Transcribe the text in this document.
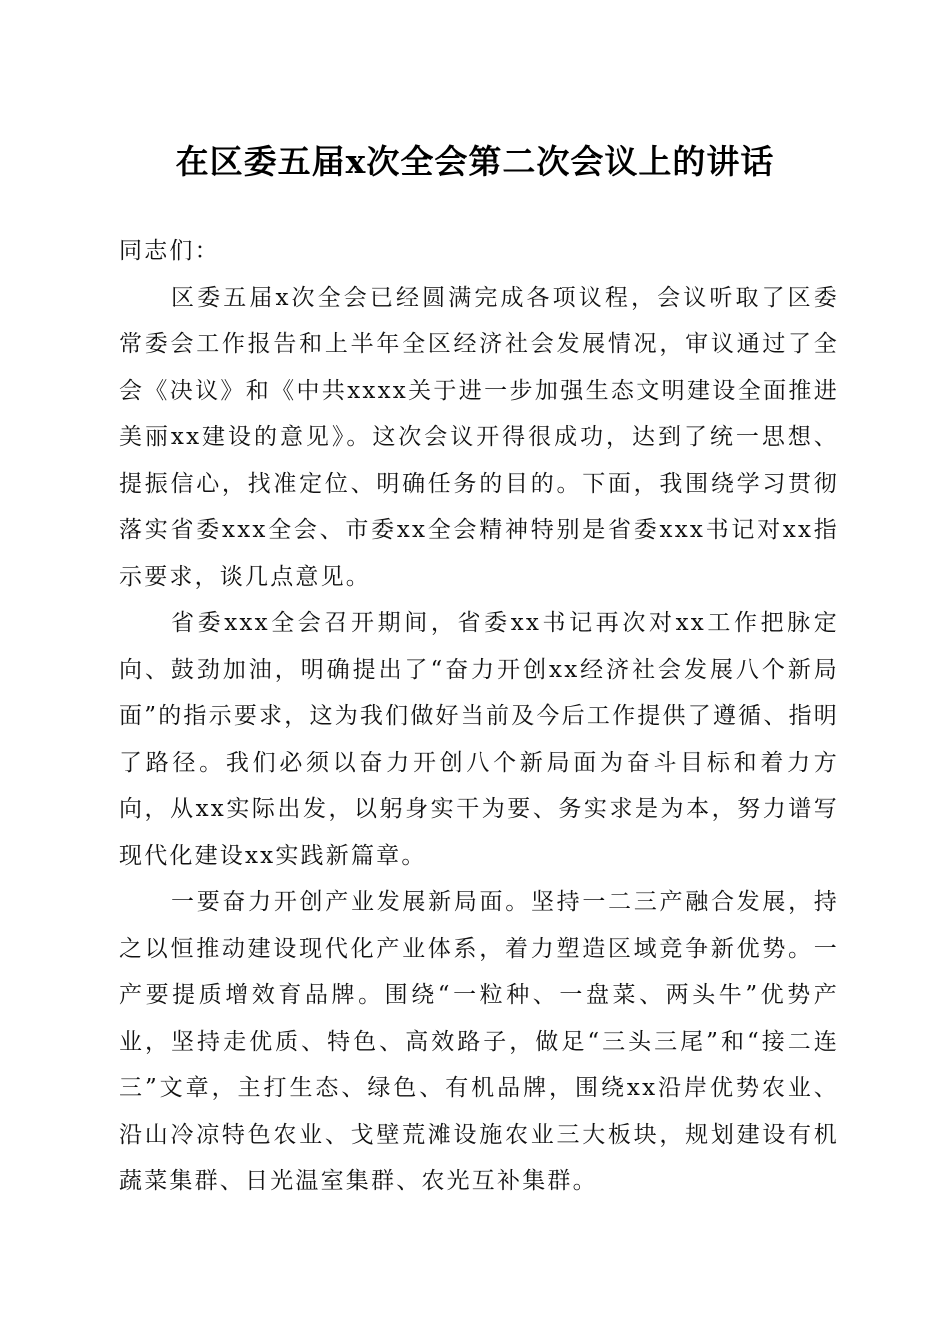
在区委五届x次全会第二次会议上的讲话

同志们：

区委五届x次全会已经圆满完成各项议程，会议听取了区委常委会工作报告和上半年全区经济社会发展情况，审议通过了全会《决议》和《中共xxxx关于进一步加强生态文明建设全面推进美丽xx建设的意见》。这次会议开得很成功，达到了统一思想、提振信心，找准定位、明确任务的目的。下面，我围绕学习贯彻落实省委xxx全会、市委xx全会精神特别是省委xxx书记对xx指示要求，谈几点意见。

省委xxx全会召开期间，省委xx书记再次对xx工作把脉定向、鼓劲加油，明确提出了“奋力开创xx经济社会发展八个新局面”的指示要求，这为我们做好当前及今后工作提供了遵循、指明了路径。我们必须以奋力开创八个新局面为奋斗目标和着力方向，从xx实际出发，以躬身实干为要、务实求是为本，努力谱写现代化建设xx实践新篇章。

一要奋力开创产业发展新局面。坚持一二三产融合发展，持之以恒推动建设现代化产业体系，着力塑造区域竞争新优势。一产要提质增效育品牌。围绕“一粒种、一盘菜、两头牛”优势产业，坚持走优质、特色、高效路子，做足“三头三尾”和“接二连三”文章，主打生态、绿色、有机品牌，围绕xx沿岸优势农业、沿山冷凉特色农业、戈壁荒滩设施农业三大板块，规划建设有机蔬菜集群、日光温室集群、农光互补集群。
